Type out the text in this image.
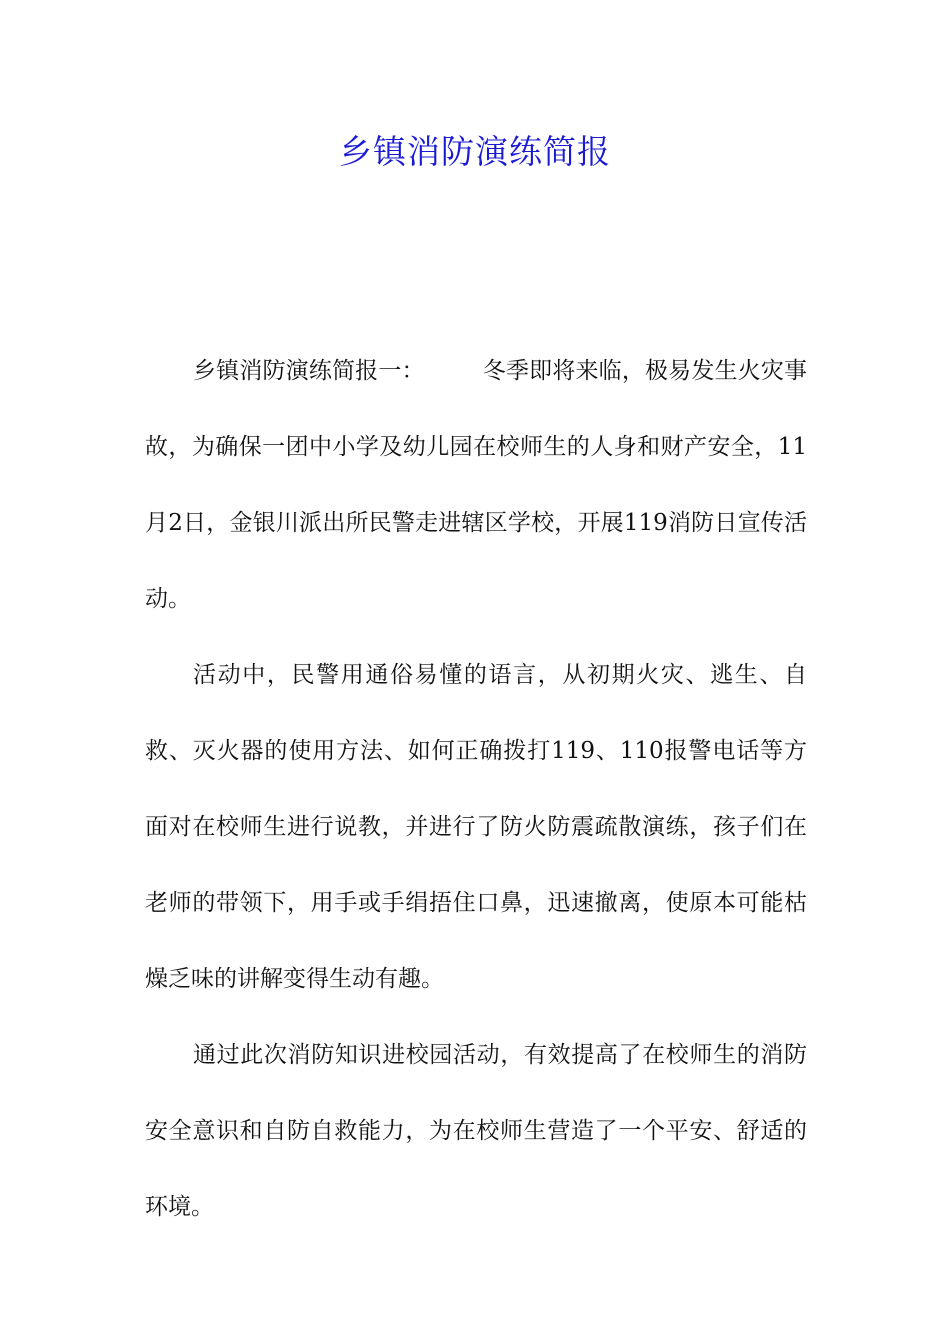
乡镇消防演练简报

乡镇消防演练简报一：	冬季即将来临，极易发生火灾事故，为确保一团中小学及幼儿园在校师生的人身和财产安全，11月2日，金银川派出所民警走进辖区学校，开展119消防日宣传活动。

活动中，民警用通俗易懂的语言，从初期火灾、逃生、自救、灭火器的使用方法、如何正确拨打119、110报警电话等方面对在校师生进行说教，并进行了防火防震疏散演练，孩子们在老师的带领下，用手或手绢捂住口鼻，迅速撤离，使原本可能枯燥乏味的讲解变得生动有趣。

通过此次消防知识进校园活动，有效提高了在校师生的消防安全意识和自防自救能力，为在校师生营造了一个平安、舒适的环境。
